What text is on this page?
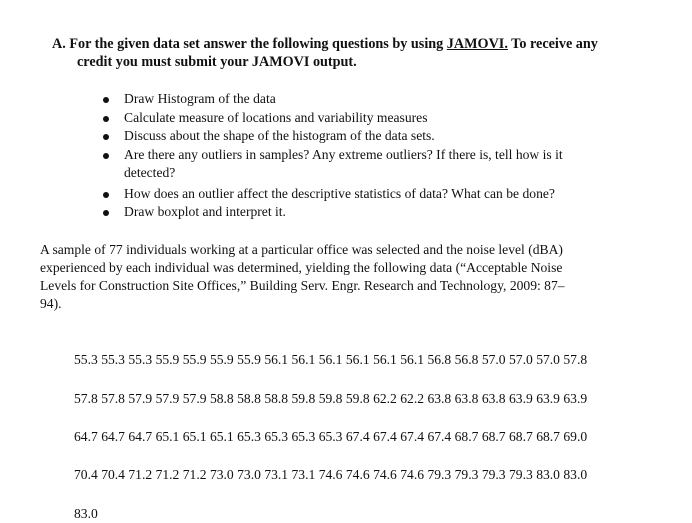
A. For the given data set answer the following questions by using JAMOVI. To receive any
credit you must submit your JAMOVI output.
Draw Histogram of the data
Calculate measure of locations and variability measures
Discuss about the shape of the histogram of the data sets.
Are there any outliers in samples? Any extreme outliers? If there is, tell how is it
detected?
How does an outlier affect the descriptive statistics of data? What can be done?
Draw boxplot and interpret it.

A sample of 77 individuals working at a particular office was selected and the noise level (dBA)
experienced by each individual was determined, yielding the following data (“Acceptable Noise
Levels for Construction Site Offices,” Building Serv. Engr. Research and Technology, 2009: 87–
94).

55.3 55.3 55.3 55.9 55.9 55.9 55.9 56.1 56.1 56.1 56.1 56.1 56.1 56.8 56.8 57.0 57.0 57.0 57.8

57.8 57.8 57.9 57.9 57.9 58.8 58.8 58.8 59.8 59.8 59.8 62.2 62.2 63.8 63.8 63.8 63.9 63.9 63.9

64.7 64.7 64.7 65.1 65.1 65.1 65.3 65.3 65.3 65.3 67.4 67.4 67.4 67.4 68.7 68.7 68.7 68.7 69.0

70.4 70.4 71.2 71.2 71.2 73.0 73.0 73.1 73.1 74.6 74.6 74.6 74.6 79.3 79.3 79.3 79.3 83.0 83.0

83.0
